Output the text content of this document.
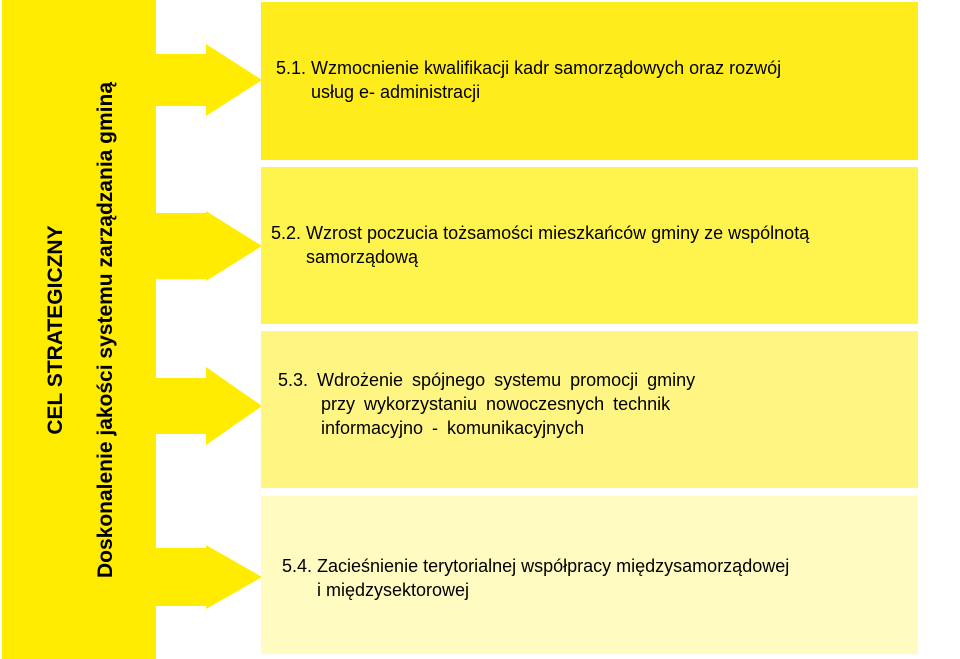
CEL STRATEGICZNY	Doskonalenie jakości systemu zarządzania gminą
5.1. Wzmocnienie kwalifikacji kadr samorządowych oraz rozwój
usług e- administracji
5.2. Wzrost poczucia tożsamości mieszkańców gminy ze wspólnotą
samorządową
5.3. Wdrożenie spójnego systemu promocji gminy
przy wykorzystaniu nowoczesnych technik
informacyjno - komunikacyjnych
5.4. Zacieśnienie terytorialnej współpracy międzysamorządowej
i międzysektorowej
